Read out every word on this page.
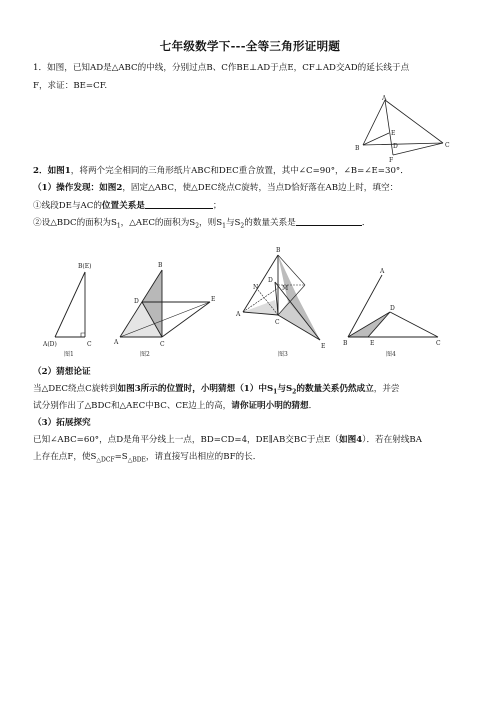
七年级数学下---全等三角形证明题
1．如图，已知AD是△ABC的中线，分别过点B、C作BE⊥AD于点E，CF⊥AD交AD的延长线于点
F，求证：BE=CF.
A
B	C
D
E
F
2．如图1，将两个完全相同的三角形纸片ABC和DEC重合放置，其中∠C=90°，∠B=∠E=30°．
（1）操作发现：如图2，固定△ABC，使△DEC绕点C旋转，当点D恰好落在AB边上时，填空：
①线段DE与AC的位置关系是	；
②设△BDC的面积为$S_1$，△AEC的面积为$S_2$，则$S_1$与$S_2$的数量关系是	．
B(E)
A(D)	C
图1
B
D	E
A	C
图2
B
N
D
M
A
C
E
图3
A
D
B	E	C
图4
（2）猜想论证
当△DEC绕点C旋转到如图3所示的位置时，小明猜想（1）中$S_1$与$S_2$的数量关系仍然成立，并尝
试分别作出了△BDC和△AEC中BC、CE边上的高，请你证明小明的猜想．
（3）拓展探究
已知∠ABC=60°，点D是角平分线上一点，BD=CD=4，DE∥AB交BC于点E（如图4）．若在射线BA
上存在点F，使$S_{\triangle DCF}=S_{\triangle BDE}$，请直接写出相应的BF的长．
